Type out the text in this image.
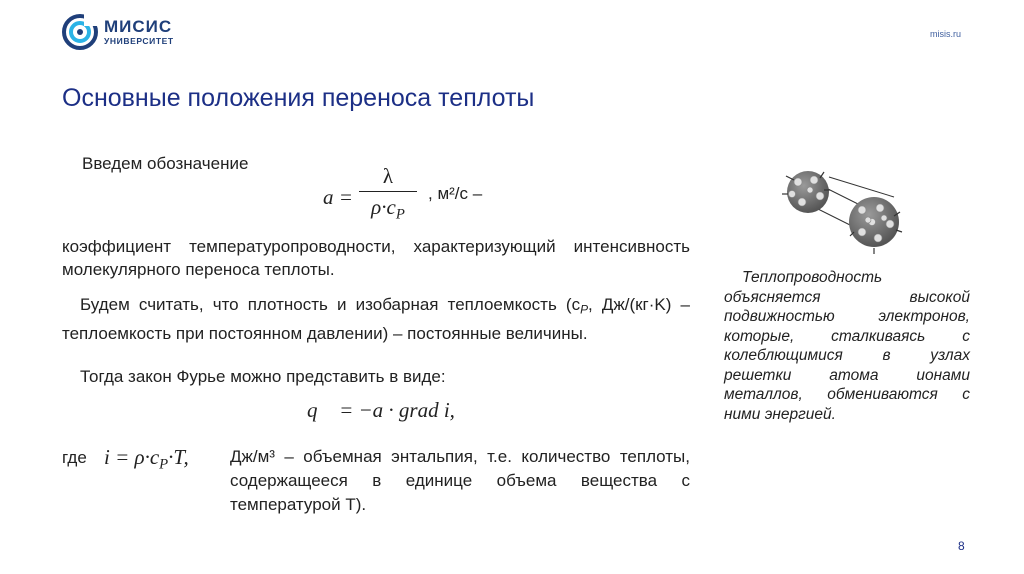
МИСИС
УНИВЕРСИТЕТ
misis.ru
Основные положения переноса теплоты
Введем обозначение
a =
λ
$\rho\cdot c_P$
, м²/с –
коэффициент температуропроводности, характеризующий интенсивность молекулярного переноса теплоты.
Будем считать, что плотность и изобарная теплоемкость ($c_P$, Дж/(кг·K) – теплоемкость при постоянном давлении) – постоянные величины.
Тогда закон Фурье можно представить в виде:
q⃗ = −a · grad i,
где $i = \rho\cdot c_P\cdot T$, Дж/м³ – объемная энтальпия, т.е. количество теплоты, содержащееся в единице объема вещества с температурой T).
Теплопроводность объясняется высокой подвижностью электронов, которые, сталкиваясь с колеблющимися в узлах решетки атома ионами металлов, обмениваются с ними энергией.
8
